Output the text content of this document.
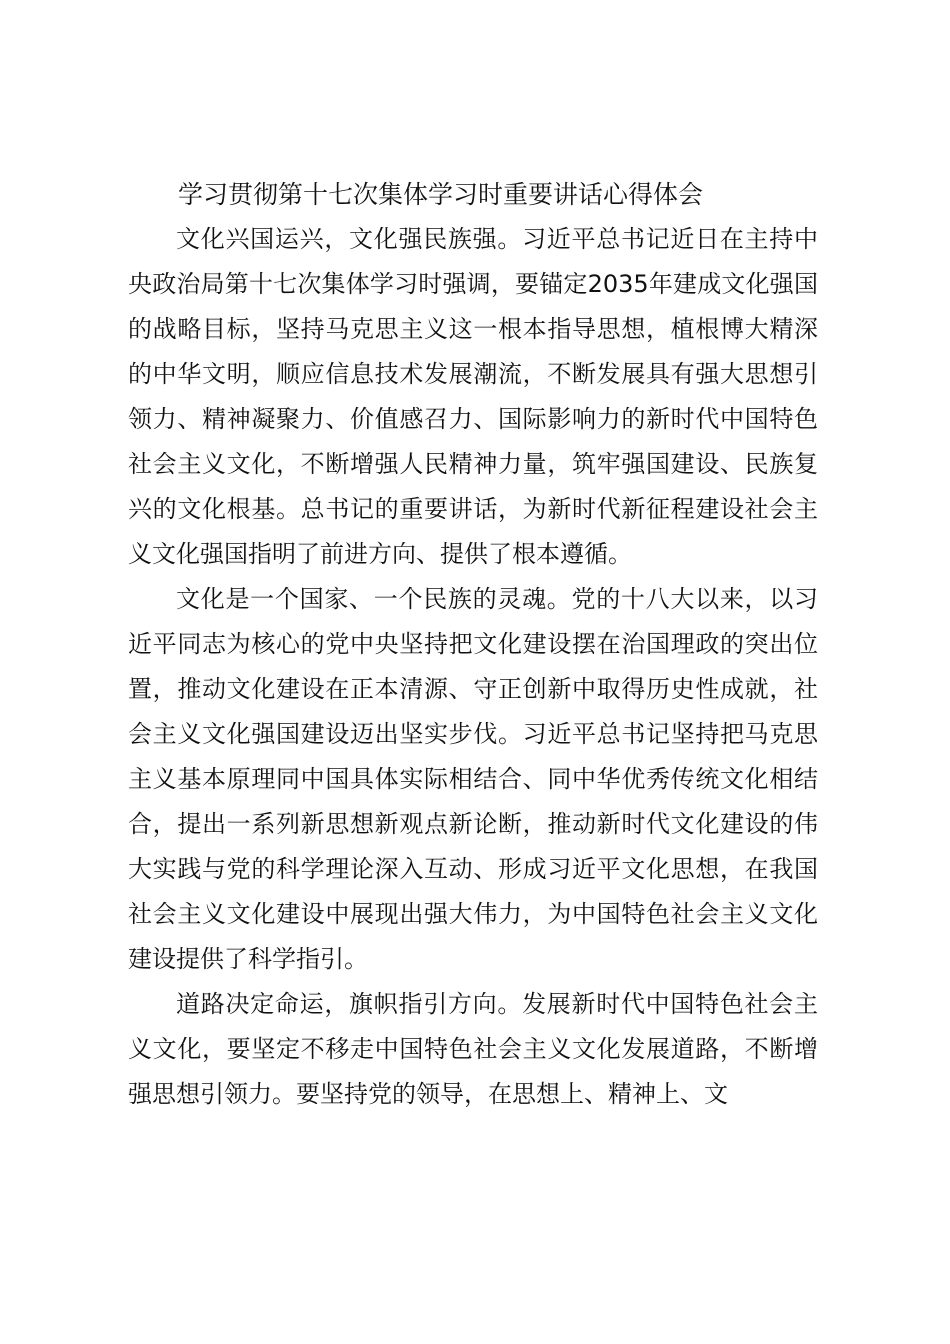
学习贯彻第十七次集体学习时重要讲话心得体会

文化兴国运兴，文化强民族强。习近平总书记近日在主持中央政治局第十七次集体学习时强调，要锚定2035年建成文化强国的战略目标，坚持马克思主义这一根本指导思想，植根博大精深的中华文明，顺应信息技术发展潮流，不断发展具有强大思想引领力、精神凝聚力、价值感召力、国际影响力的新时代中国特色社会主义文化，不断增强人民精神力量，筑牢强国建设、民族复兴的文化根基。总书记的重要讲话，为新时代新征程建设社会主义文化强国指明了前进方向、提供了根本遵循。

文化是一个国家、一个民族的灵魂。党的十八大以来，以习近平同志为核心的党中央坚持把文化建设摆在治国理政的突出位置，推动文化建设在正本清源、守正创新中取得历史性成就，社会主义文化强国建设迈出坚实步伐。习近平总书记坚持把马克思主义基本原理同中国具体实际相结合、同中华优秀传统文化相结合，提出一系列新思想新观点新论断，推动新时代文化建设的伟大实践与党的科学理论深入互动、形成习近平文化思想，在我国社会主义文化建设中展现出强大伟力，为中国特色社会主义文化建设提供了科学指引。

道路决定命运，旗帜指引方向。发展新时代中国特色社会主义文化，要坚定不移走中国特色社会主义文化发展道路，不断增强思想引领力。要坚持党的领导，在思想上、精神上、文
